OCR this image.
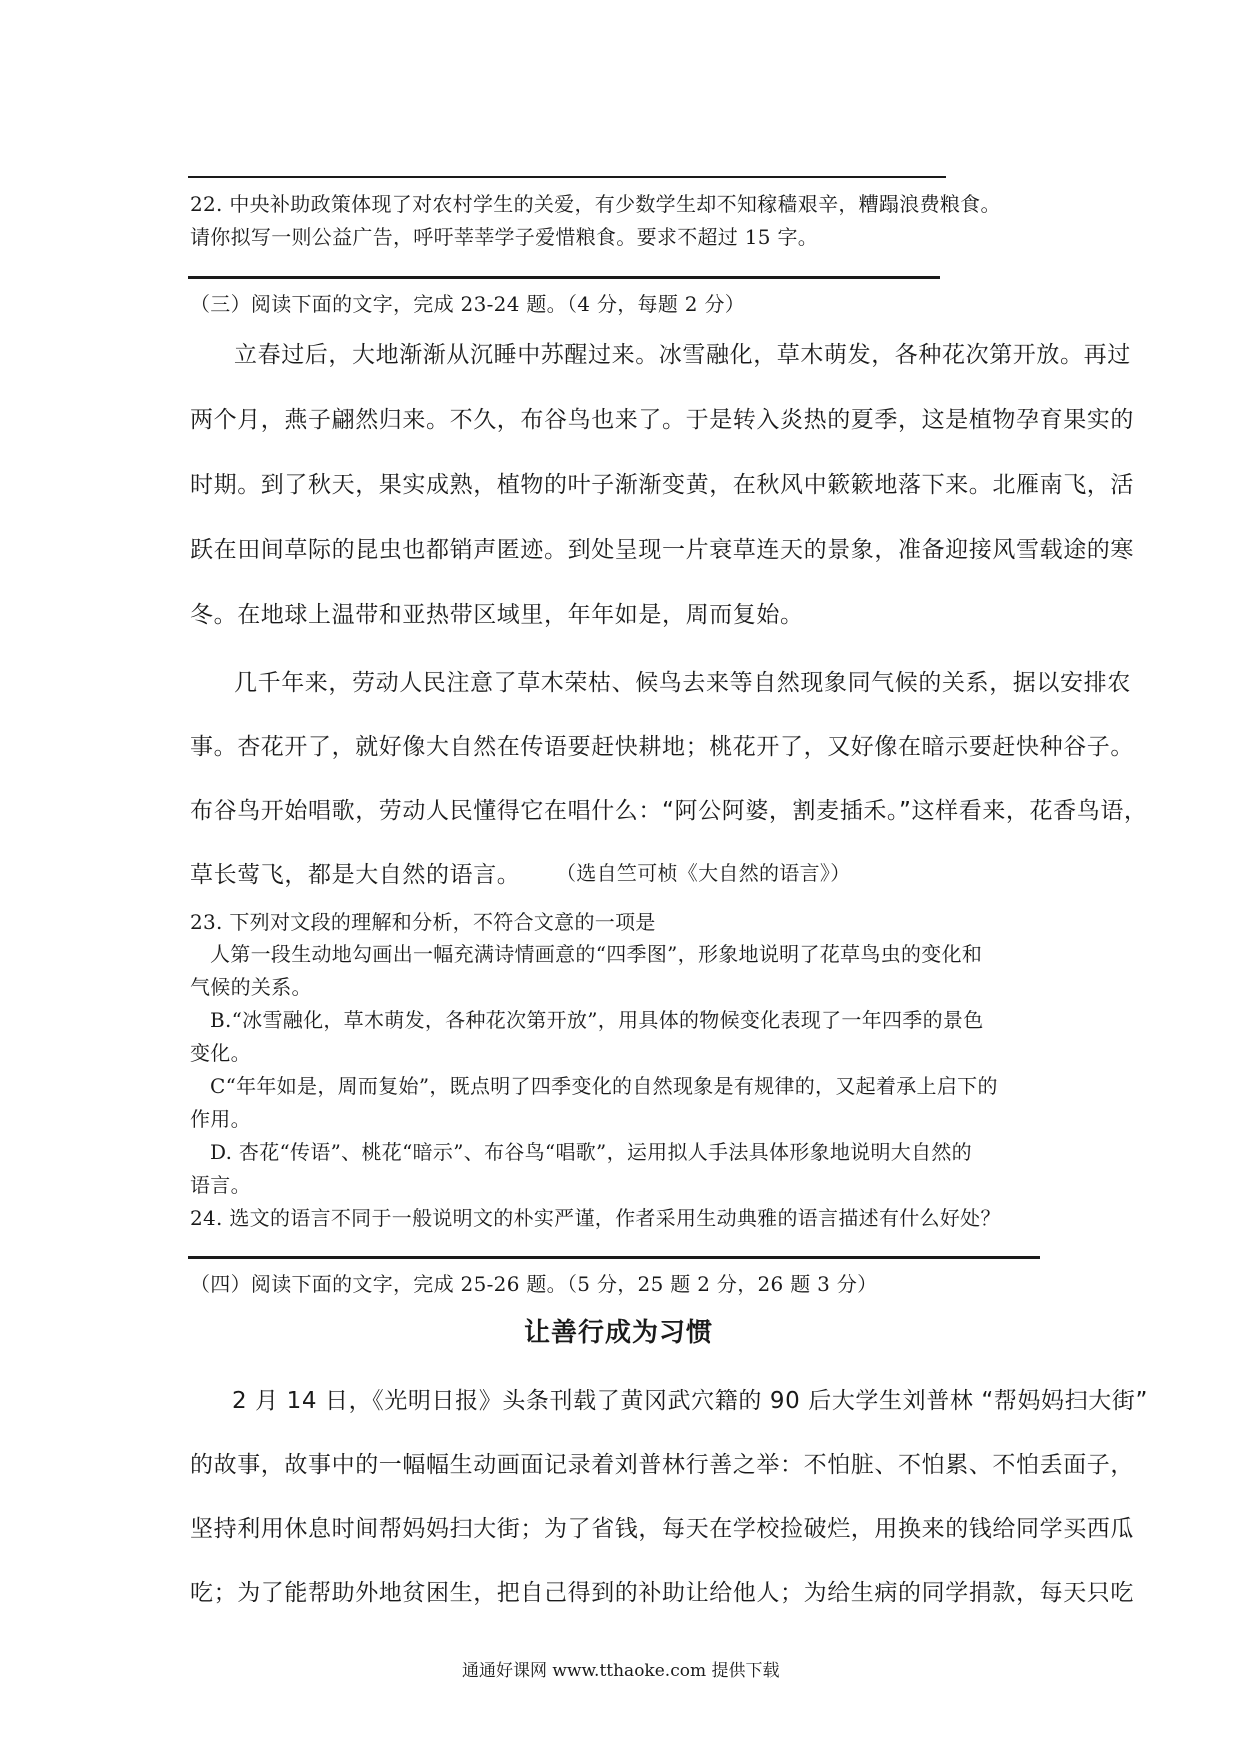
22. 中央补助政策体现了对农村学生的关爱，有少数学生却不知稼穑艰辛，糟蹋浪费粮食。
请你拟写一则公益广告，呼吁莘莘学子爱惜粮食。要求不超过 15 字。
（三）阅读下面的文字，完成 23-24 题。（4 分，每题 2 分）
立春过后，大地渐渐从沉睡中苏醒过来。冰雪融化，草木萌发，各种花次第开放。再过
两个月，燕子翩然归来。不久，布谷鸟也来了。于是转入炎热的夏季，这是植物孕育果实的
时期。到了秋天，果实成熟，植物的叶子渐渐变黄，在秋风中簌簌地落下来。北雁南飞，活
跃在田间草际的昆虫也都销声匿迹。到处呈现一片衰草连天的景象，准备迎接风雪载途的寒
冬。在地球上温带和亚热带区域里，年年如是，周而复始。
几千年来，劳动人民注意了草木荣枯、候鸟去来等自然现象同气候的关系，据以安排农
事。杏花开了，就好像大自然在传语要赶快耕地；桃花开了，又好像在暗示要赶快种谷子。
布谷鸟开始唱歌，劳动人民懂得它在唱什么：“阿公阿婆，割麦插禾。”这样看来，花香鸟语，
草长莺飞，都是大自然的语言。 （选自竺可桢《大自然的语言》）
23. 下列对文段的理解和分析，不符合文意的一项是
人第一段生动地勾画出一幅充满诗情画意的“四季图”，形象地说明了花草鸟虫的变化和
气候的关系。
B.“冰雪融化，草木萌发，各种花次第开放”，用具体的物候变化表现了一年四季的景色
变化。
C“年年如是，周而复始”，既点明了四季变化的自然现象是有规律的，又起着承上启下的
作用。
D. 杏花“传语”、桃花“暗示”、布谷鸟“唱歌”，运用拟人手法具体形象地说明大自然的
语言。
24. 选文的语言不同于一般说明文的朴实严谨，作者采用生动典雅的语言描述有什么好处？
（四）阅读下面的文字，完成 25-26 题。（5 分，25 题 2 分，26 题 3 分）
让善行成为习惯
2 月 14 日，《光明日报》头条刊载了黄冈武穴籍的 90 后大学生刘普林 “帮妈妈扫大街”
的故事，故事中的一幅幅生动画面记录着刘普林行善之举：不怕脏、不怕累、不怕丢面子，
坚持利用休息时间帮妈妈扫大街；为了省钱，每天在学校捡破烂，用换来的钱给同学买西瓜
吃；为了能帮助外地贫困生，把自己得到的补助让给他人；为给生病的同学捐款，每天只吃
通通好课网 www.tthaoke.com 提供下载
